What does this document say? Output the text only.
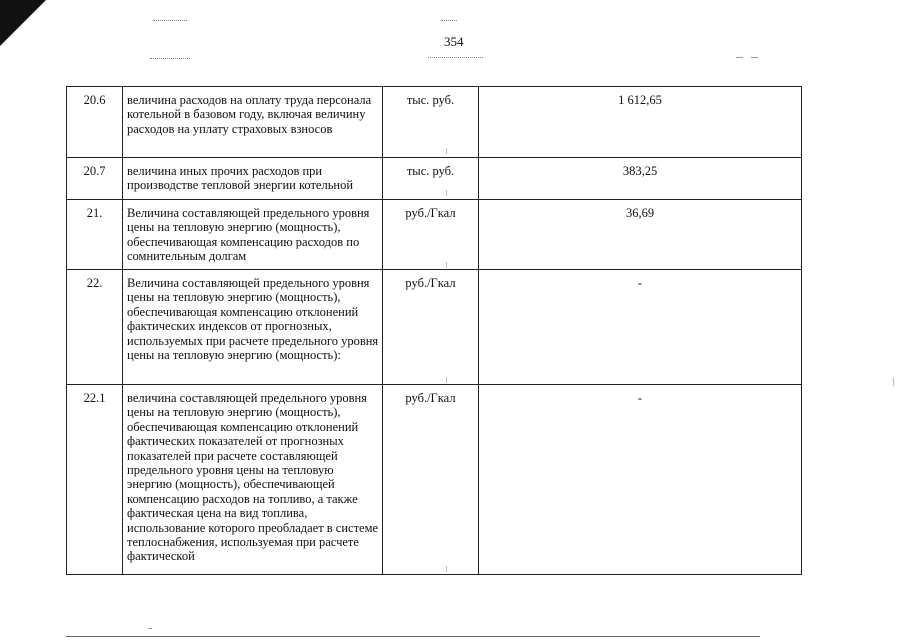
354
20.6	величина расходов на оплату труда персонала котельной в базовом году, включая величину расходов на уплату страховых взносов	тыс. руб.	1 612,65
20.7	величина иных прочих расходов при производстве тепловой энергии котельной	тыс. руб.	383,25
21.	Величина составляющей предельного уровня цены на тепловую энергию (мощность), обеспечивающая компенсацию расходов по сомнительным долгам	руб./Гкал	36,69
22.	Величина составляющей предельного уровня цены на тепловую энергию (мощность), обеспечивающая компенсацию отклонений фактических индексов от прогнозных, используемых при расчете предельного уровня цены на тепловую энергию (мощность):	руб./Гкал	-
22.1	величина составляющей предельного уровня цены на тепловую энергию (мощность), обеспечивающая компенсацию отклонений фактических показателей от прогнозных показателей при расчете составляющей предельного уровня цены на тепловую энергию (мощность), обеспечивающей компенсацию расходов на топливо, а также фактическая цена на вид топлива, использование которого преобладает в системе теплоснабжения, используемая при расчете фактической	руб./Гкал	-
